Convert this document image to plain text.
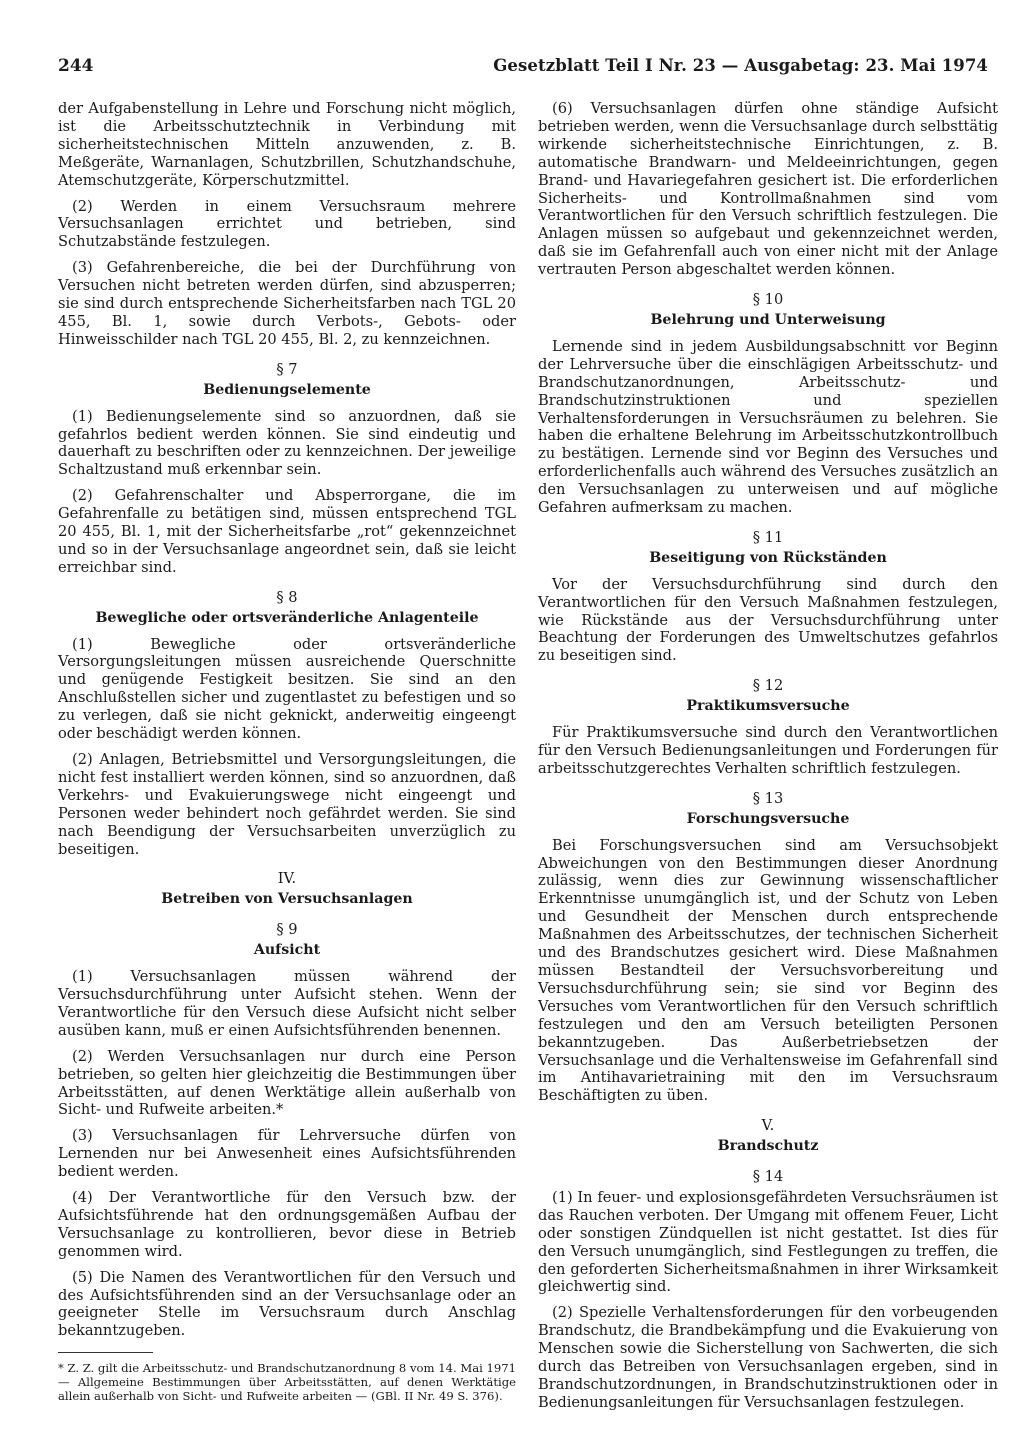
244	Gesetzblatt Teil I Nr. 23 — Ausgabetag: 23. Mai 1974

der Aufgabenstellung in Lehre und Forschung nicht möglich, ist die Arbeitsschutztechnik in Verbindung mit sicherheitstechnischen Mitteln anzuwenden, z. B. Meßgeräte, Warnanlagen, Schutzbrillen, Schutzhandschuhe, Atemschutzgeräte, Körperschutzmittel.

(2) Werden in einem Versuchsraum mehrere Versuchsanlagen errichtet und betrieben, sind Schutzabstände festzulegen.

(3) Gefahrenbereiche, die bei der Durchführung von Versuchen nicht betreten werden dürfen, sind abzusperren; sie sind durch entsprechende Sicherheitsfarben nach TGL 20 455, Bl. 1, sowie durch Verbots-, Gebots- oder Hinweisschilder nach TGL 20 455, Bl. 2, zu kennzeichnen.

§ 7
Bedienungselemente

(1) Bedienungselemente sind so anzuordnen, daß sie gefahrlos bedient werden können. Sie sind eindeutig und dauerhaft zu beschriften oder zu kennzeichnen. Der jeweilige Schaltzustand muß erkennbar sein.

(2) Gefahrenschalter und Absperrorgane, die im Gefahrenfalle zu betätigen sind, müssen entsprechend TGL 20 455, Bl. 1, mit der Sicherheitsfarbe „rot“ gekennzeichnet und so in der Versuchsanlage angeordnet sein, daß sie leicht erreichbar sind.

§ 8
Bewegliche oder ortsveränderliche Anlagenteile

(1) Bewegliche oder ortsveränderliche Versorgungsleitungen müssen ausreichende Querschnitte und genügende Festigkeit besitzen. Sie sind an den Anschlußstellen sicher und zugentlastet zu befestigen und so zu verlegen, daß sie nicht geknickt, anderweitig eingeengt oder beschädigt werden können.

(2) Anlagen, Betriebsmittel und Versorgungsleitungen, die nicht fest installiert werden können, sind so anzuordnen, daß Verkehrs- und Evakuierungswege nicht eingeengt und Personen weder behindert noch gefährdet werden. Sie sind nach Beendigung der Versuchsarbeiten unverzüglich zu beseitigen.

IV.
Betreiben von Versuchsanlagen
§ 9
Aufsicht

(1) Versuchsanlagen müssen während der Versuchsdurchführung unter Aufsicht stehen. Wenn der Verantwortliche für den Versuch diese Aufsicht nicht selber ausüben kann, muß er einen Aufsichtsführenden benennen.

(2) Werden Versuchsanlagen nur durch eine Person betrieben, so gelten hier gleichzeitig die Bestimmungen über Arbeitsstätten, auf denen Werktätige allein außerhalb von Sicht- und Rufweite arbeiten.*

(3) Versuchsanlagen für Lehrversuche dürfen von Lernenden nur bei Anwesenheit eines Aufsichtsführenden bedient werden.

(4) Der Verantwortliche für den Versuch bzw. der Aufsichtsführende hat den ordnungsgemäßen Aufbau der Versuchsanlage zu kontrollieren, bevor diese in Betrieb genommen wird.

(5) Die Namen des Verantwortlichen für den Versuch und des Aufsichtsführenden sind an der Versuchsanlage oder an geeigneter Stelle im Versuchsraum durch Anschlag bekanntzugeben.

* Z. Z. gilt die Arbeitsschutz- und Brandschutzanordnung 8 vom 14. Mai 1971 — Allgemeine Bestimmungen über Arbeitsstätten, auf denen Werktätige allein außerhalb von Sicht- und Rufweite arbeiten — (GBl. II Nr. 49 S. 376).

(6) Versuchsanlagen dürfen ohne ständige Aufsicht betrieben werden, wenn die Versuchsanlage durch selbsttätig wirkende sicherheitstechnische Einrichtungen, z. B. automatische Brandwarn- und Meldeeinrichtungen, gegen Brand- und Havariegefahren gesichert ist. Die erforderlichen Sicherheits- und Kontrollmaßnahmen sind vom Verantwortlichen für den Versuch schriftlich festzulegen. Die Anlagen müssen so aufgebaut und gekennzeichnet werden, daß sie im Gefahrenfall auch von einer nicht mit der Anlage vertrauten Person abgeschaltet werden können.

§ 10
Belehrung und Unterweisung

Lernende sind in jedem Ausbildungsabschnitt vor Beginn der Lehrversuche über die einschlägigen Arbeitsschutz- und Brandschutzanordnungen, Arbeitsschutz- und Brandschutzinstruktionen und speziellen Verhaltensforderungen in Versuchsräumen zu belehren. Sie haben die erhaltene Belehrung im Arbeitsschutzkontrollbuch zu bestätigen. Lernende sind vor Beginn des Versuches und erforderlichenfalls auch während des Versuches zusätzlich an den Versuchsanlagen zu unterweisen und auf mögliche Gefahren aufmerksam zu machen.

§ 11
Beseitigung von Rückständen

Vor der Versuchsdurchführung sind durch den Verantwortlichen für den Versuch Maßnahmen festzulegen, wie Rückstände aus der Versuchsdurchführung unter Beachtung der Forderungen des Umweltschutzes gefahrlos zu beseitigen sind.

§ 12
Praktikumsversuche

Für Praktikumsversuche sind durch den Verantwortlichen für den Versuch Bedienungsanleitungen und Forderungen für arbeitsschutzgerechtes Verhalten schriftlich festzulegen.

§ 13
Forschungsversuche

Bei Forschungsversuchen sind am Versuchsobjekt Abweichungen von den Bestimmungen dieser Anordnung zulässig, wenn dies zur Gewinnung wissenschaftlicher Erkenntnisse unumgänglich ist, und der Schutz von Leben und Gesundheit der Menschen durch entsprechende Maßnahmen des Arbeitsschutzes, der technischen Sicherheit und des Brandschutzes gesichert wird. Diese Maßnahmen müssen Bestandteil der Versuchsvorbereitung und Versuchsdurchführung sein; sie sind vor Beginn des Versuches vom Verantwortlichen für den Versuch schriftlich festzulegen und den am Versuch beteiligten Personen bekanntzugeben. Das Außerbetriebsetzen der Versuchsanlage und die Verhaltensweise im Gefahrenfall sind im Antihavarietraining mit den im Versuchsraum Beschäftigten zu üben.

V.
Brandschutz
§ 14

(1) In feuer- und explosionsgefährdeten Versuchsräumen ist das Rauchen verboten. Der Umgang mit offenem Feuer, Licht oder sonstigen Zündquellen ist nicht gestattet. Ist dies für den Versuch unumgänglich, sind Festlegungen zu treffen, die den geforderten Sicherheitsmaßnahmen in ihrer Wirksamkeit gleichwertig sind.

(2) Spezielle Verhaltensforderungen für den vorbeugenden Brandschutz, die Brandbekämpfung und die Evakuierung von Menschen sowie die Sicherstellung von Sachwerten, die sich durch das Betreiben von Versuchsanlagen ergeben, sind in Brandschutzordnungen, in Brandschutzinstruktionen oder in Bedienungsanleitungen für Versuchsanlagen festzulegen.
